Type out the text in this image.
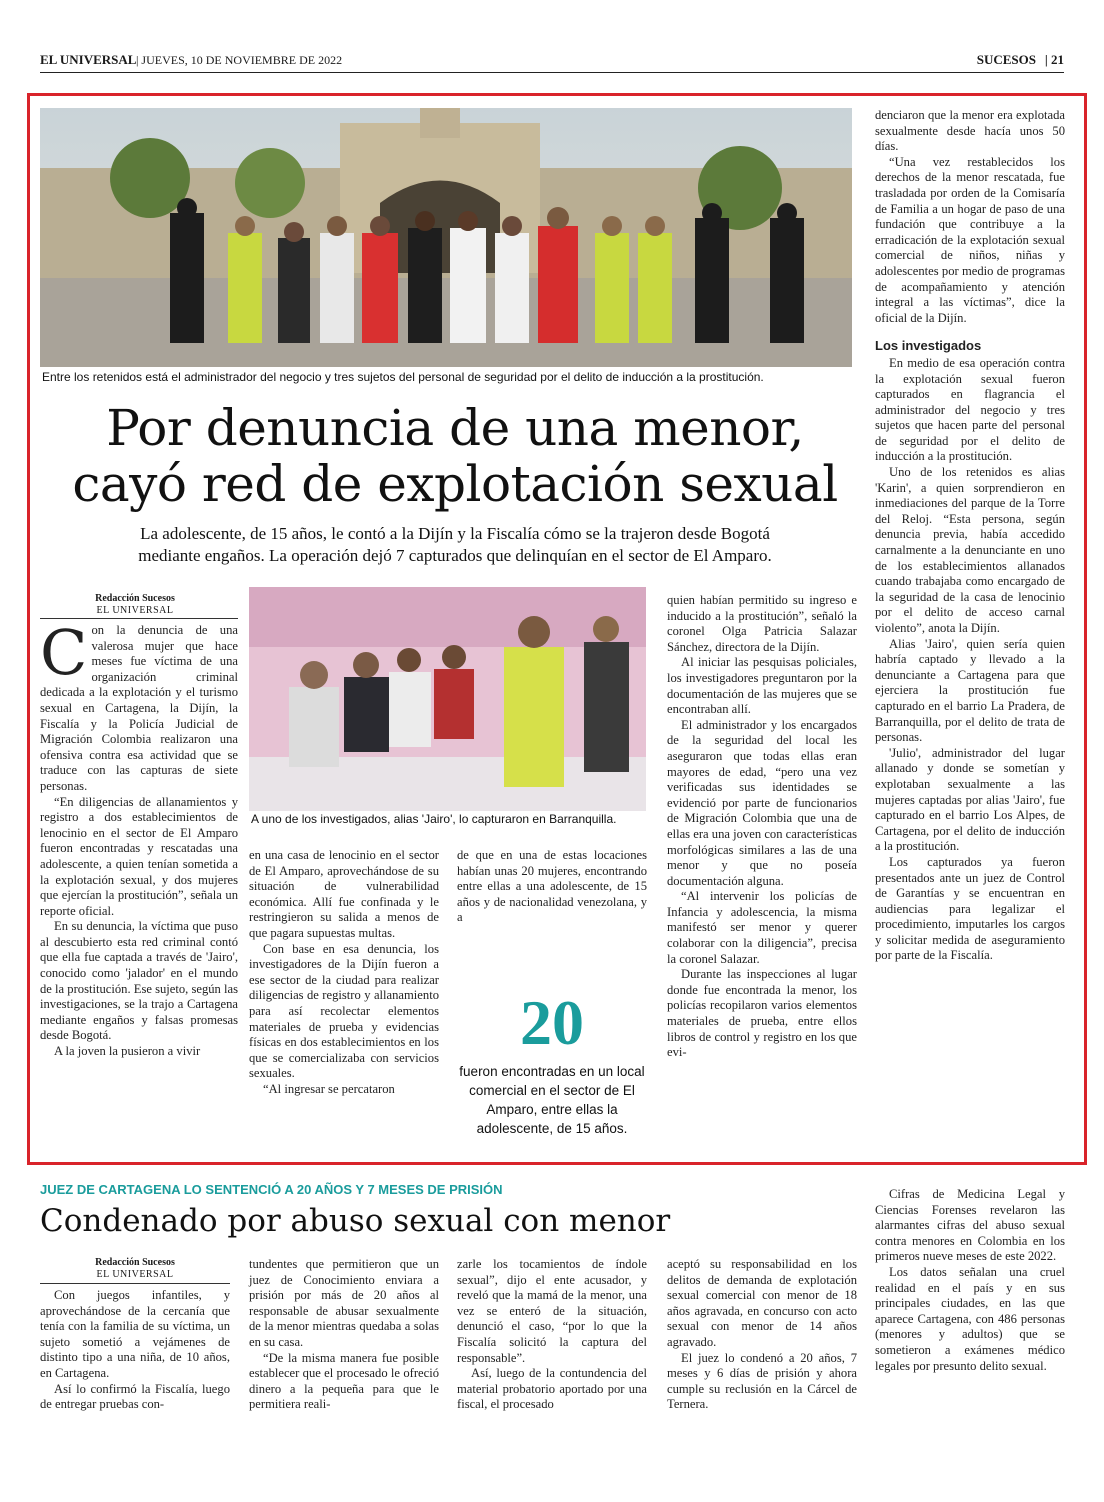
EL UNIVERSAL | JUEVES, 10 DE NOVIEMBRE DE 2022	SUCESOS | 21
Entre los retenidos está el administrador del negocio y tres sujetos del personal de seguridad por el delito de inducción a la prostitución.
Por denuncia de una menor,
cayó red de explotación sexual
La adolescente, de 15 años, le contó a la Dijín y la Fiscalía cómo se la trajeron desde Bogotá
mediante engaños. La operación dejó 7 capturados que delinquían en el sector de El Amparo.
Redacción Sucesos
EL UNIVERSAL

Con la denuncia de una valerosa mujer que hace meses fue víctima de una organización criminal dedicada a la explotación y el turismo sexual en Cartagena, la Dijín, la Fiscalía y la Policía Judicial de Migración Colombia realizaron una ofensiva contra esa actividad que se traduce con las capturas de siete personas.

“En diligencias de allanamientos y registro a dos establecimientos de lenocinio en el sector de El Amparo fueron encontradas y rescatadas una adolescente, a quien tenían sometida a la explotación sexual, y dos mujeres que ejercían la prostitución”, señala un reporte oficial.

En su denuncia, la víctima que puso al descubierto esta red criminal contó que ella fue captada a través de 'Jairo', conocido como 'jalador' en el mundo de la prostitución. Ese sujeto, según las investigaciones, se la trajo a Cartagena mediante engaños y falsas promesas desde Bogotá.

A la joven la pusieron a vivir

A uno de los investigados, alias 'Jairo', lo capturaron en Barranquilla.

en una casa de lenocinio en el sector de El Amparo, aprovechándose de su situación de vulnerabilidad económica. Allí fue confinada y le restringieron su salida a menos de que pagara supuestas multas.

Con base en esa denuncia, los investigadores de la Dijín fueron a ese sector de la ciudad para realizar diligencias de registro y allanamiento para así recolectar elementos materiales de prueba y evidencias físicas en dos establecimientos en los que se comercializaba con servicios sexuales.

“Al ingresar se percataron

de que en una de estas locaciones habían unas 20 mujeres, encontrando entre ellas a una adolescente, de 15 años y de nacionalidad venezolana, y a

20
fueron encontradas en un local comercial en el sector de El Amparo, entre ellas la adolescente, de 15 años.

quien habían permitido su ingreso e inducido a la prostitución”, señaló la coronel Olga Patricia Salazar Sánchez, directora de la Dijín.

Al iniciar las pesquisas policiales, los investigadores preguntaron por la documentación de las mujeres que se encontraban allí.

El administrador y los encargados de la seguridad del local les aseguraron que todas ellas eran mayores de edad, “pero una vez verificadas sus identidades se evidenció por parte de funcionarios de Migración Colombia que una de ellas era una joven con características morfológicas similares a las de una menor y que no poseía documentación alguna.

“Al intervenir los policías de Infancia y adolescencia, la misma manifestó ser menor y querer colaborar con la diligencia”, precisa la coronel Salazar.

Durante las inspecciones al lugar donde fue encontrada la menor, los policías recopilaron varios elementos materiales de prueba, entre ellos libros de control y registro en los que evi-

denciaron que la menor era explotada sexualmente desde hacía unos 50 días.

“Una vez restablecidos los derechos de la menor rescatada, fue trasladada por orden de la Comisaría de Familia a un hogar de paso de una fundación que contribuye a la erradicación de la explotación sexual comercial de niños, niñas y adolescentes por medio de programas de acompañamiento y atención integral a las víctimas”, dice la oficial de la Dijín.

Los investigados

En medio de esa operación contra la explotación sexual fueron capturados en flagrancia el administrador del negocio y tres sujetos que hacen parte del personal de seguridad por el delito de inducción a la prostitución.

Uno de los retenidos es alias 'Karin', a quien sorprendieron en inmediaciones del parque de la Torre del Reloj. “Esta persona, según denuncia previa, había accedido carnalmente a la denunciante en uno de los establecimientos allanados cuando trabajaba como encargado de la seguridad de la casa de lenocinio por el delito de acceso carnal violento”, anota la Dijín.

Alias 'Jairo', quien sería quien habría captado y llevado a la denunciante a Cartagena para que ejerciera la prostitución fue capturado en el barrio La Pradera, de Barranquilla, por el delito de trata de personas.

'Julio', administrador del lugar allanado y donde se sometían y explotaban sexualmente a las mujeres captadas por alias 'Jairo', fue capturado en el barrio Los Alpes, de Cartagena, por el delito de inducción a la prostitución.

Los capturados ya fueron presentados ante un juez de Control de Garantías y se encuentran en audiencias para legalizar el procedimiento, imputarles los cargos y solicitar medida de aseguramiento por parte de la Fiscalía.

JUEZ DE CARTAGENA LO SENTENCIÓ A 20 AÑOS Y 7 MESES DE PRISIÓN
Condenado por abuso sexual con menor
Redacción Sucesos
EL UNIVERSAL

Con juegos infantiles, y aprovechándose de la cercanía que tenía con la familia de su víctima, un sujeto sometió a vejámenes de distinto tipo a una niña, de 10 años, en Cartagena.

Así lo confirmó la Fiscalía, luego de entregar pruebas con-

tundentes que permitieron que un juez de Conocimiento enviara a prisión por más de 20 años al responsable de abusar sexualmente de la menor mientras quedaba a solas en su casa.

“De la misma manera fue posible establecer que el procesado le ofreció dinero a la pequeña para que le permitiera reali-

zarle los tocamientos de índole sexual”, dijo el ente acusador, y reveló que la mamá de la menor, una vez se enteró de la situación, denunció el caso, “por lo que la Fiscalía solicitó la captura del responsable”.

Así, luego de la contundencia del material probatorio aportado por una fiscal, el procesado

aceptó su responsabilidad en los delitos de demanda de explotación sexual comercial con menor de 18 años agravada, en concurso con acto sexual con menor de 14 años agravado.

El juez lo condenó a 20 años, 7 meses y 6 días de prisión y ahora cumple su reclusión en la Cárcel de Ternera.

Cifras de Medicina Legal y Ciencias Forenses revelaron las alarmantes cifras del abuso sexual contra menores en Colombia en los primeros nueve meses de este 2022.

Los datos señalan una cruel realidad en el país y en sus principales ciudades, en las que aparece Cartagena, con 486 personas (menores y adultos) que se sometieron a exámenes médico legales por presunto delito sexual.
